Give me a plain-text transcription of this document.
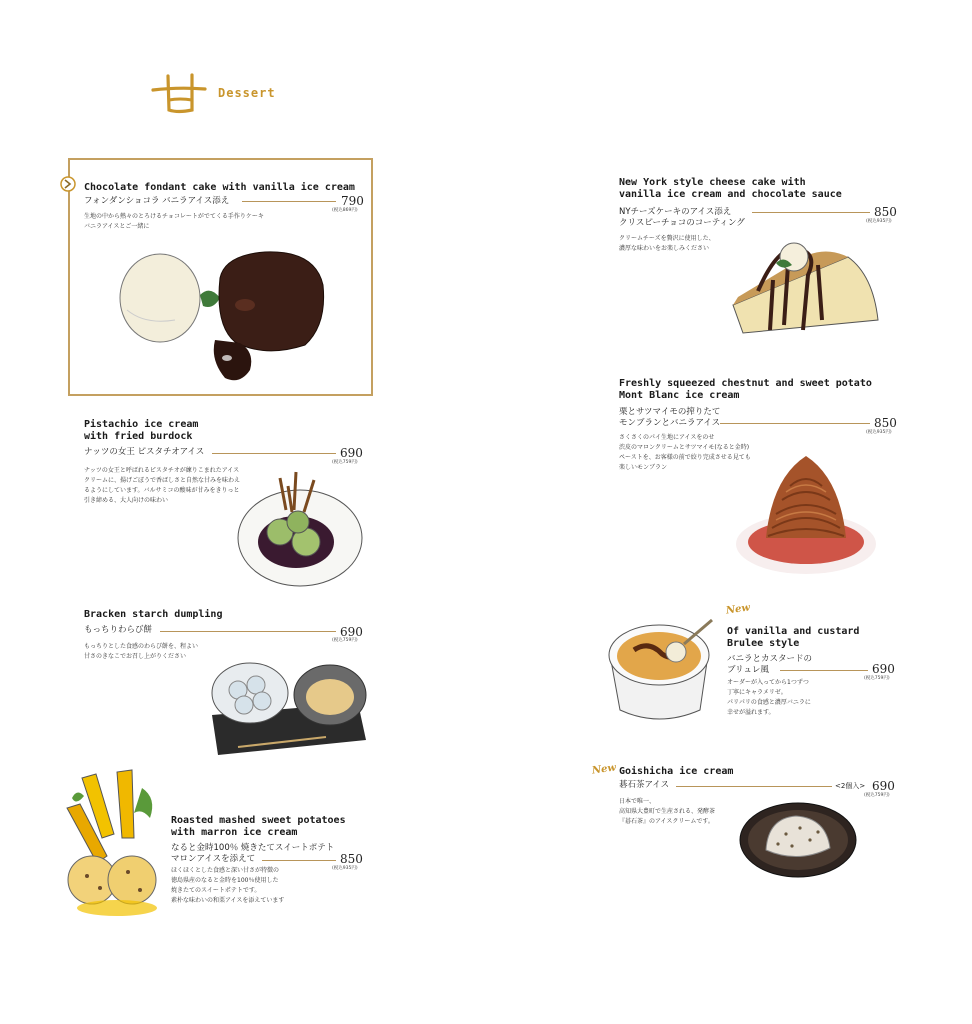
Dessert
Chocolate fondant cake with vanilla ice cream
フォンダンショコラ バニラアイス添え	790
(税込869円)
生地の中から熱々のとろけるチョコレートがでてくる手作りケーキ
バニラアイスとご一緒に
Pistachio ice cream
with fried burdock
ナッツの女王 ピスタチオアイス	690
(税込759円)
ナッツの女王と呼ばれるピスタチオが練りこまれたアイス
クリームに、揚げごぼうで香ばしさと自然な甘みを味わえ
るようにしています。バルサミコの酸味が甘みをきりっと
引き締める、大人向けの味わい
Bracken starch dumpling
もっちりわらび餅	690
(税込759円)
もっちりとした食感のわらび餅を、程よい
甘さのきなこでお召し上がりください
Roasted mashed sweet potatoes
with marron ice cream
なると金時100％ 焼きたてスイートポテト
マロンアイスを添えて	850
(税込935円)
ほくほくとした食感と深い甘さが特徴の
徳島県産のなると金時を100％使用した
焼きたてのスイートポテトです。
素朴な味わいの和栗アイスを添えています
New York style cheese cake with
vanilla ice cream and chocolate sauce
NYチーズケーキのアイス添え
クリスピーチョコのコーティング
850
(税込935円)
クリームチーズを贅沢に使用した、
濃厚な味わいをお楽しみください
Freshly squeezed chestnut and sweet potato
Mont Blanc ice cream
栗とサツマイモの搾りたて
モンブランとバニラアイス	850
(税込935円)
さくさくのパイ生地にアイスをのせ
渋皮のマロンクリームとサツマイモ(なると金時)
ペーストを、お客様の前で絞り完成させる見ても
楽しいモンブラン
New
Of vanilla and custard
Brulee style
バニラとカスタードの
ブリュレ風	690
(税込759円)
オーダーが入ってから1つずつ
丁寧にキャラメリゼ。
パリパリの食感と濃厚バニラに
幸せが溢れます。
New Goishicha ice cream
碁石茶アイス	<2個入> 690
(税込759円)
日本で唯一、
高知県大豊町で生産される、発酵茶
『碁石茶』のアイスクリームです。
